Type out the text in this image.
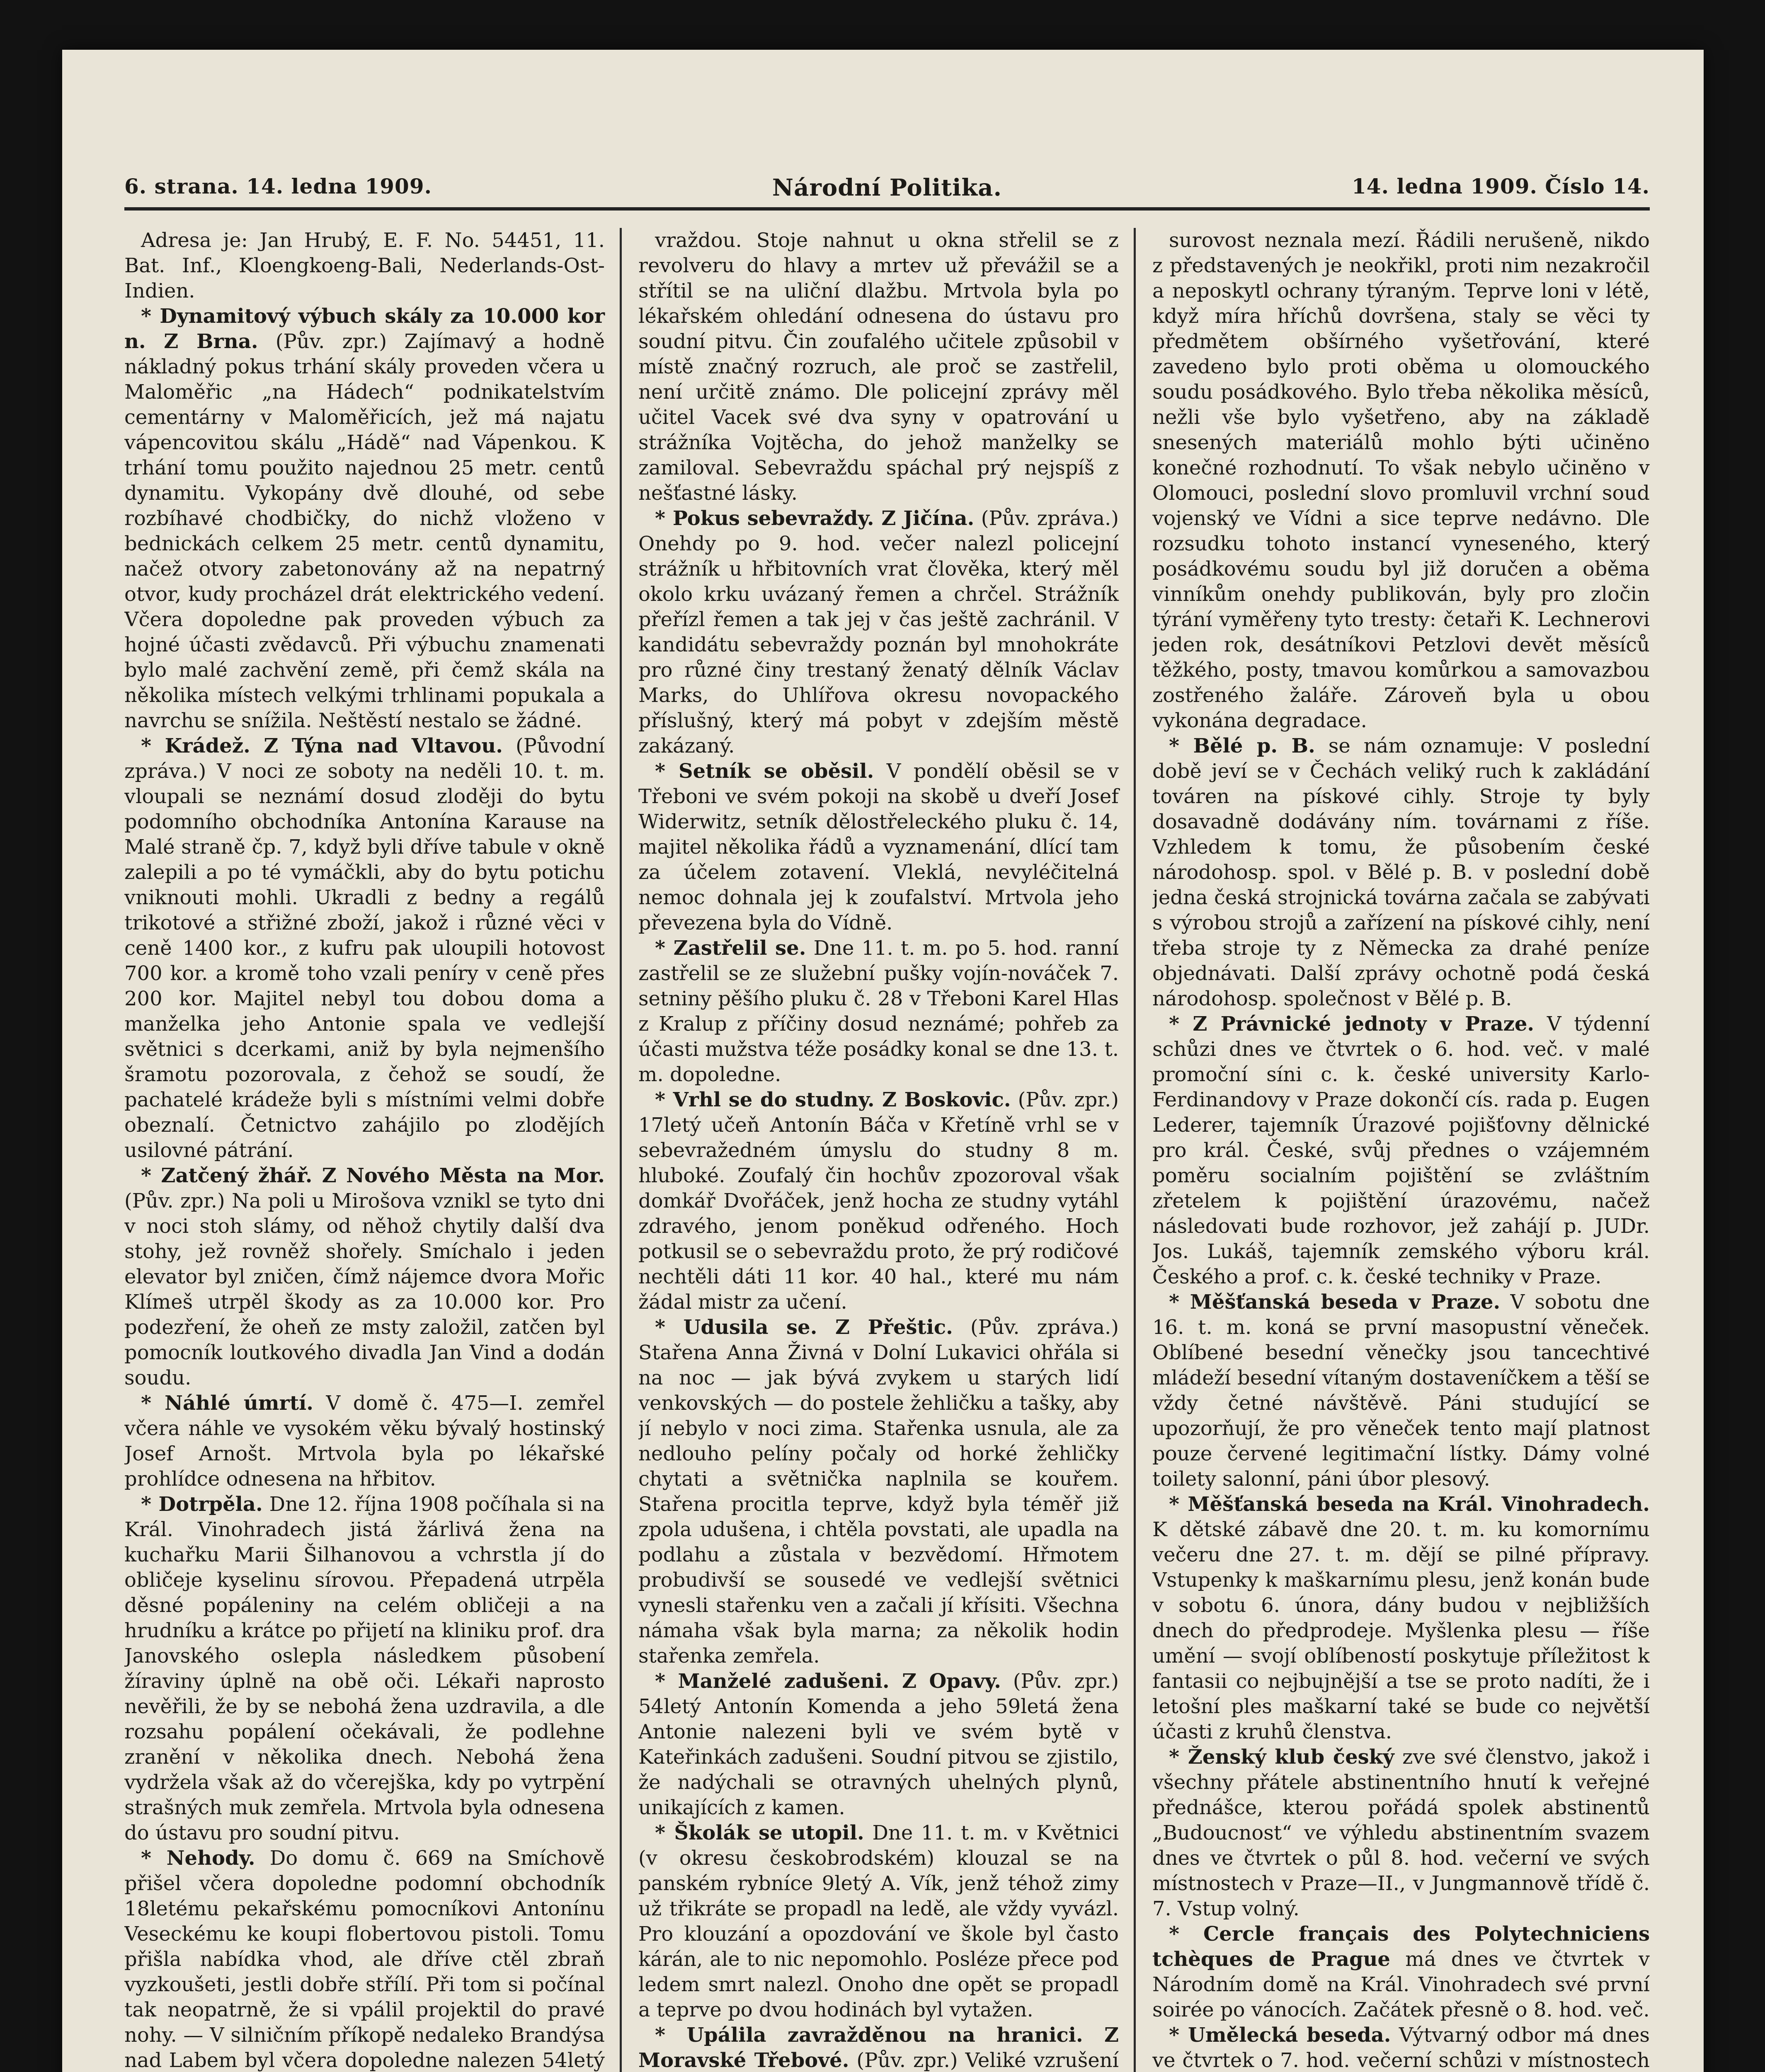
6. strana. 14. ledna 1909.	Národní Politika.	14. ledna 1909. Číslo 14.

Adresa je: Jan Hrubý, E. F. No. 54451, 11. Bat. Inf., Kloengkoeng-Bali, Nederlands-Ost-Indien.

* Dynamitový výbuch skály za 10.000 kor n. Z Brna. (Pův. zpr.) Zajímavý a hodně nákladný pokus trhání skály proveden včera u Maloměřic „na Hádech“ podnikatelstvím cementárny v Maloměřicích, jež má najatu vápencovitou skálu „Hádě“ nad Vápenkou. K trhání tomu použito najednou 25 metr. centů dynamitu. Vykopány dvě dlouhé, od sebe rozbíhavé chodbičky, do nichž vloženo v bednickách celkem 25 metr. centů dynamitu, načež otvory zabetonovány až na nepatrný otvor, kudy procházel drát elektrického vedení. Včera dopoledne pak proveden výbuch za hojné účasti zvědavců. Při výbuchu znamenati bylo malé zachvění země, při čemž skála na několika místech velkými trhlinami popukala a navrchu se snížila. Neštěstí nestalo se žádné.

* Krádež. Z Týna nad Vltavou. (Původní zpráva.) V noci ze soboty na neděli 10. t. m. vloupali se neznámí dosud zloději do bytu podomního obchodníka Antonína Karause na Malé straně čp. 7, když byli dříve tabule v okně zalepili a po té vymáčkli, aby do bytu potichu vniknouti mohli. Ukradli z bedny a regálů trikotové a střižné zboží, jakož i různé věci v ceně 1400 kor., z kufru pak uloupili hotovost 700 kor. a kromě toho vzali peníry v ceně přes 200 kor. Majitel nebyl tou dobou doma a manželka jeho Antonie spala ve vedlejší světnici s dcerkami, aniž by byla nejmenšího šramotu pozorovala, z čehož se soudí, že pachatelé krádeže byli s místními velmi dobře obeznalí. Četnictvo zahájilo po zlodějích usilovné pátrání.

* Zatčený žhář. Z Nového Města na Mor. (Pův. zpr.) Na poli u Mirošova vznikl se tyto dni v noci stoh slámy, od něhož chytily další dva stohy, jež rovněž shořely. Smíchalo i jeden elevator byl zničen, čímž nájemce dvora Mořic Klímeš utrpěl škody as za 10.000 kor. Pro podezření, že oheň ze msty založil, zatčen byl pomocník loutkového divadla Jan Vind a dodán soudu.

* Náhlé úmrtí. V domě č. 475—I. zemřel včera náhle ve vysokém věku bývalý hostinský Josef Arnošt. Mrtvola byla po lékařské prohlídce odnesena na hřbitov.

* Dotrpěla. Dne 12. října 1908 počíhala si na Král. Vinohradech jistá žárlivá žena na kuchařku Marii Šilhanovou a vchrstla jí do obličeje kyselinu sírovou. Přepadená utrpěla děsné popáleniny na celém obličeji a na hrudníku a krátce po přijetí na kliniku prof. dra Janovského oslepla následkem působení žíraviny úplně na obě oči. Lékaři naprosto nevěřili, že by se nebohá žena uzdravila, a dle rozsahu popálení očekávali, že podlehne zranění v několika dnech. Nebohá žena vydržela však až do včerejška, kdy po vytrpění strašných muk zemřela. Mrtvola byla odnesena do ústavu pro soudní pitvu.

* Nehody. Do domu č. 669 na Smíchově přišel včera dopoledne podomní obchodník 18letému pekařskému pomocníkovi Antonínu Veseckému ke koupi flobertovou pistoli. Tomu přišla nabídka vhod, ale dříve ctěl zbraň vyzkoušeti, jestli dobře střílí. Při tom si počínal tak neopatrně, že si vpálil projektil do pravé nohy. — V silničním příkopě nedaleko Brandýsa nad Labem byl včera dopoledne nalezen 54letý

vraždou. Stoje nahnut u okna střelil se z revolveru do hlavy a mrtev už převážil se a střítil se na uliční dlažbu. Mrtvola byla po lékařském ohledání odnesena do ústavu pro soudní pitvu. Čin zoufalého učitele způsobil v místě značný rozruch, ale proč se zastřelil, není určitě známo. Dle policejní zprávy měl učitel Vacek své dva syny v opatrování u strážníka Vojtěcha, do jehož manželky se zamiloval. Sebevraždu spáchal prý nejspíš z nešťastné lásky.

* Pokus sebevraždy. Z Jičína. (Pův. zpráva.) Onehdy po 9. hod. večer nalezl policejní strážník u hřbitovních vrat člověka, který měl okolo krku uvázaný řemen a chrčel. Strážník přeřízl řemen a tak jej v čas ještě zachránil. V kandidátu sebevraždy poznán byl mnohokráte pro různé činy trestaný ženatý dělník Václav Marks, do Uhlířova okresu novopackého příslušný, který má pobyt v zdejším městě zakázaný.

* Setník se oběsil. V pondělí oběsil se v Třeboni ve svém pokoji na skobě u dveří Josef Widerwitz, setník dělostřeleckého pluku č. 14, majitel několika řádů a vyznamenání, dlící tam za účelem zotavení. Vleklá, nevyléčitelná nemoc dohnala jej k zoufalství. Mrtvola jeho převezena byla do Vídně.

* Zastřelil se. Dne 11. t. m. po 5. hod. ranní zastřelil se ze služební pušky vojín-nováček 7. setniny pěšího pluku č. 28 v Třeboni Karel Hlas z Kralup z příčiny dosud neznámé; pohřeb za účasti mužstva téže posádky konal se dne 13. t. m. dopoledne.

* Vrhl se do studny. Z Boskovic. (Pův. zpr.) 17letý učeň Antonín Báča v Křetíně vrhl se v sebevražedném úmyslu do studny 8 m. hluboké. Zoufalý čin hochův zpozoroval však domkář Dvořáček, jenž hocha ze studny vytáhl zdravého, jenom poněkud odřeného. Hoch potkusil se o sebevraždu proto, že prý rodičové nechtěli dáti 11 kor. 40 hal., které mu nám žádal mistr za učení.

* Udusila se. Z Přeštic. (Pův. zpráva.) Stařena Anna Živná v Dolní Lukavici ohřála si na noc — jak bývá zvykem u starých lidí venkovských — do postele žehličku a tašky, aby jí nebylo v noci zima. Stařenka usnula, ale za nedlouho pelíny počaly od horké žehličky chytati a světnička naplnila se kouřem. Stařena procitla teprve, když byla téměř již zpola udušena, i chtěla povstati, ale upadla na podlahu a zůstala v bezvědomí. Hřmotem probudivší se sousedé ve vedlejší světnici vynesli stařenku ven a začali jí křísiti. Všechna námaha však byla marna; za několik hodin stařenka zemřela.

* Manželé zadušeni. Z Opavy. (Pův. zpr.) 54letý Antonín Komenda a jeho 59letá žena Antonie nalezeni byli ve svém bytě v Kateřinkách zadušeni. Soudní pitvou se zjistilo, že nadýchali se otravných uhelných plynů, unikajících z kamen.

* Školák se utopil. Dne 11. t. m. v Květnici (v okresu českobrodském) klouzal se na panském rybníce 9letý A. Vík, jenž téhož zimy už třikráte se propadl na ledě, ale vždy vyvázl. Pro klouzání a opozdování ve škole byl často kárán, ale to nic nepomohlo. Posléze přece pod ledem smrt nalezl. Onoho dne opět se propadl a teprve po dvou hodinách byl vytažen.

* Upálila zavražděnou na hranici. Z Moravské Třebové. (Pův. zpr.) Veliké vzrušení

surovost neznala mezí. Řádili nerušeně, nikdo z představených je neokřikl, proti nim nezakročil a neposkytl ochrany týraným. Teprve loni v létě, když míra hříchů dovršena, staly se věci ty předmětem obšírného vyšetřování, které zavedeno bylo proti oběma u olomouckého soudu posádkového. Bylo třeba několika měsíců, nežli vše bylo vyšetřeno, aby na základě snesených materiálů mohlo býti učiněno konečné rozhodnutí. To však nebylo učiněno v Olomouci, poslední slovo promluvil vrchní soud vojenský ve Vídni a sice teprve nedávno. Dle rozsudku tohoto instancí vyneseného, který posádkovému soudu byl již doručen a oběma vinníkům onehdy publikován, byly pro zločin týrání vyměřeny tyto tresty: četaři K. Lechnerovi jeden rok, desátníkovi Petzlovi devět měsíců těžkého, posty, tmavou komůrkou a samovazbou zostřeného žaláře. Zároveň byla u obou vykonána degradace.

* Bělé p. B. se nám oznamuje: V poslední době jeví se v Čechách veliký ruch k zakládání továren na pískové cihly. Stroje ty byly dosavadně dodávány ním. továrnami z říše. Vzhledem k tomu, že působením české národohosp. spol. v Bělé p. B. v poslední době jedna česká strojnická továrna začala se zabývati s výrobou strojů a zařízení na pískové cihly, není třeba stroje ty z Německa za drahé peníze objednávati. Další zprávy ochotně podá česká národohosp. společnost v Bělé p. B.

* Z Právnické jednoty v Praze. V týdenní schůzi dnes ve čtvrtek o 6. hod. več. v malé promoční síni c. k. české university Karlo-Ferdinandovy v Praze dokončí cís. rada p. Eugen Lederer, tajemník Úrazové pojišťovny dělnické pro král. České, svůj přednes o vzájemném poměru socialním pojištění se zvláštním zřetelem k pojištění úrazovému, načež následovati bude rozhovor, jež zahájí p. JUDr. Jos. Lukáš, tajemník zemského výboru král. Českého a prof. c. k. české techniky v Praze.

* Měšťanská beseda v Praze. V sobotu dne 16. t. m. koná se první masopustní věneček. Oblíbené besední věnečky jsou tancechtivé mládeží besední vítaným dostaveníčkem a těší se vždy četné návštěvě. Páni studující se upozorňují, že pro věneček tento mají platnost pouze červené legitimační lístky. Dámy volné toilety salonní, páni úbor plesový.

* Měšťanská beseda na Král. Vinohradech. K dětské zábavě dne 20. t. m. ku komornímu večeru dne 27. t. m. dějí se pilné přípravy. Vstupenky k maškarnímu plesu, jenž konán bude v sobotu 6. února, dány budou v nejbližších dnech do předprodeje. Myšlenka plesu — říše umění — svojí oblíbeností poskytuje příležitost k fantasii co nejbujnější a tse se proto nadíti, že i letošní ples maškarní také se bude co největší účasti z kruhů členstva.

* Ženský klub český zve své členstvo, jakož i všechny přátele abstinentního hnutí k veřejné přednášce, kterou pořádá spolek abstinentů „Budoucnost“ ve výhledu abstinentním svazem dnes ve čtvrtek o půl 8. hod. večerní ve svých místnostech v Praze—II., v Jungmannově třídě č. 7. Vstup volný.

* Cercle français des Polytechniciens tchèques de Prague má dnes ve čtvrtek v Národním domě na Král. Vinohradech své první soirée po vánocích. Začátek přesně o 8. hod. več.

* Umělecká beseda. Výtvarný odbor má dnes ve čtvrtek o 7. hod. večerní schůzi v místnostech
